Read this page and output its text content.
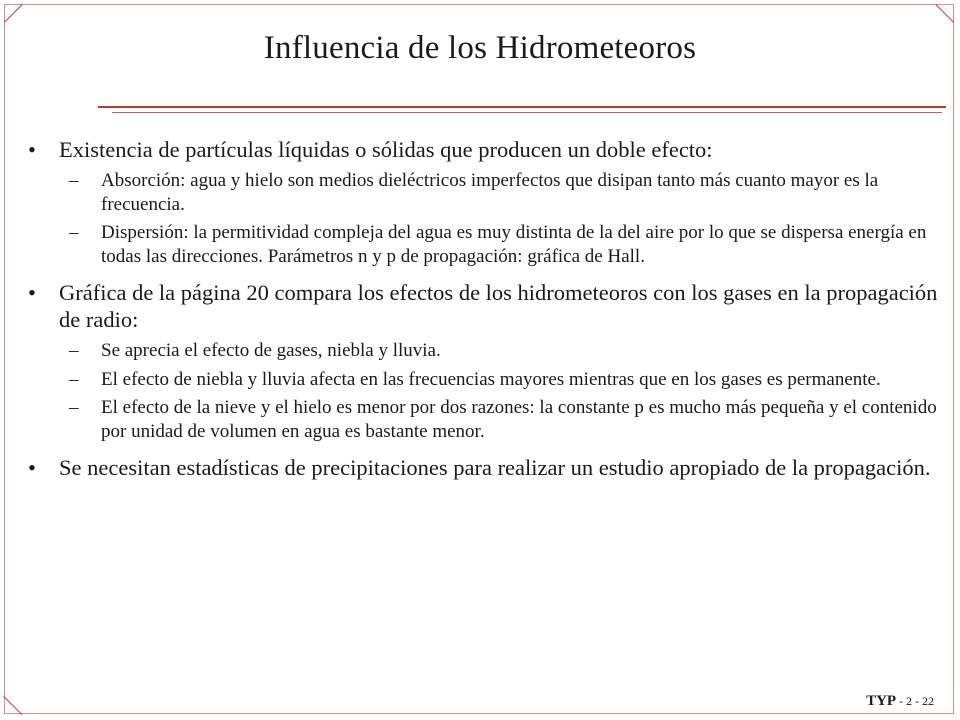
Influencia de los Hidrometeoros
• Existencia de partículas líquidas o sólidas que producen un doble efecto:
– Absorción: agua y hielo son medios dieléctricos imperfectos que disipan tanto más cuanto mayor es la frecuencia.
– Dispersión: la permitividad compleja del agua es muy distinta de la del aire por lo que se dispersa energía en todas las direcciones. Parámetros n y p de propagación: gráfica de Hall.
• Gráfica de la página 20 compara los efectos de los hidrometeoros con los gases en la propagación de radio:
– Se aprecia el efecto de gases, niebla y lluvia.
– El efecto de niebla y lluvia afecta en las frecuencias mayores mientras que en los gases es permanente.
– El efecto de la nieve y el hielo es menor por dos razones: la constante p es mucho más pequeña y el contenido por unidad de volumen en agua es bastante menor.
• Se necesitan estadísticas de precipitaciones para realizar un estudio apropiado de la propagación.
TYP - 2 - 22
